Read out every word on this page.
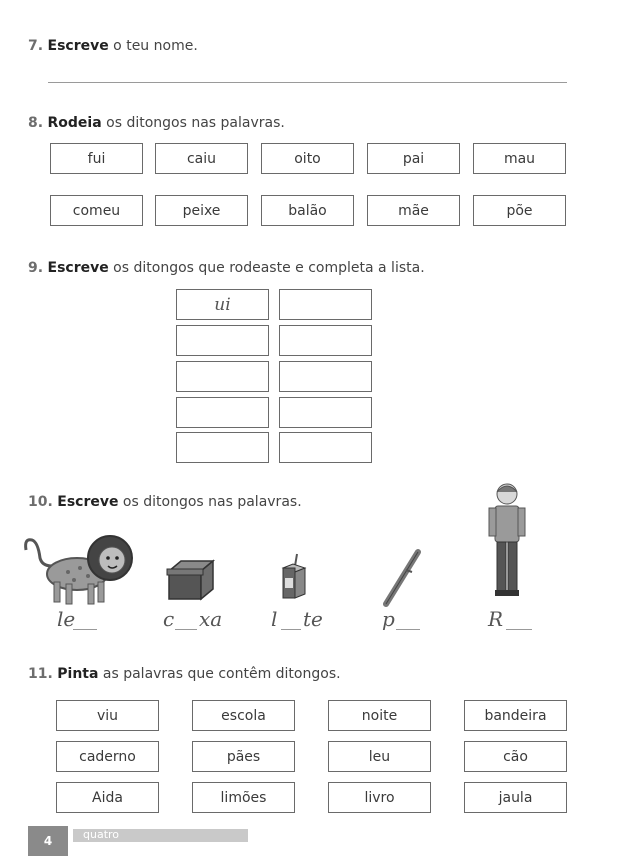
7. Escreve o teu nome.
8. Rodeia os ditongos nas palavras.
fui	caiu	oito	pai	mau
comeu	peixe	balão	mãe	põe
9. Escreve os ditongos que rodeaste e completa a lista.
ui
10. Escreve os ditongos nas palavras.
le	c xa l te	p	R
11. Pinta as palavras que contêm ditongos.
viu	escola	noite	bandeira
caderno	pães	leu	cão
Aida	limões	livro	jaula
4	quatro
